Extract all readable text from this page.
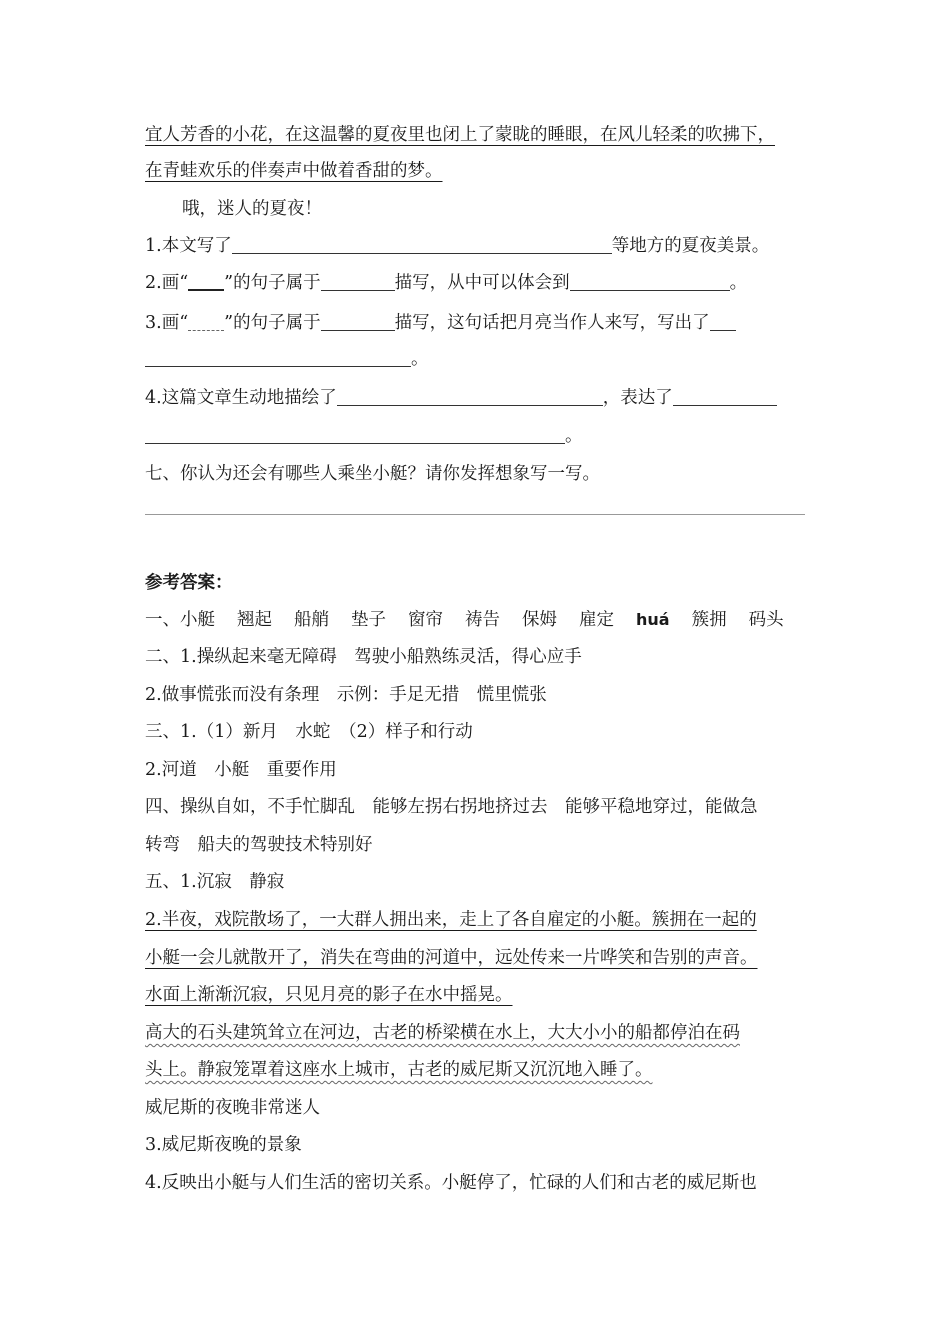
宜人芳香的小花，在这温馨的夏夜里也闭上了蒙眬的睡眼，在风儿轻柔的吹拂下，
在青蛙欢乐的伴奏声中做着香甜的梦。
哦，迷人的夏夜！
1.本文写了	等地方的夏夜美景。
2.画“ ”的句子属于	描写，从中可以体会到	。
3.画“ ”的句子属于	描写，这句话把月亮当作人来写，写出了
。
4.这篇文章生动地描绘了	，表达了
。
七、你认为还会有哪些人乘坐小艇？请你发挥想象写一写。
参考答案：
一、小艇 翘起 船艄 垫子 窗帘 祷告 保姆 雇定 huá 簇拥 码头
二、1.操纵起来毫无障碍　驾驶小船熟练灵活，得心应手
2.做事慌张而没有条理　示例：手足无措　慌里慌张
三、1.（1）新月　水蛇　（2）样子和行动
2.河道　小艇　重要作用
四、操纵自如，不手忙脚乱　能够左拐右拐地挤过去　能够平稳地穿过，能做急
转弯　船夫的驾驶技术特别好
五、1.沉寂　静寂
2.半夜，戏院散场了，一大群人拥出来，走上了各自雇定的小艇。簇拥在一起的
小艇一会儿就散开了，消失在弯曲的河道中，远处传来一片哗笑和告别的声音。
水面上渐渐沉寂，只见月亮的影子在水中摇晃。
高大的石头建筑耸立在河边，古老的桥梁横在水上，大大小小的船都停泊在码
头上。静寂笼罩着这座水上城市，古老的威尼斯又沉沉地入睡了。
威尼斯的夜晚非常迷人
3.威尼斯夜晚的景象
4.反映出小艇与人们生活的密切关系。小艇停了，忙碌的人们和古老的威尼斯也
